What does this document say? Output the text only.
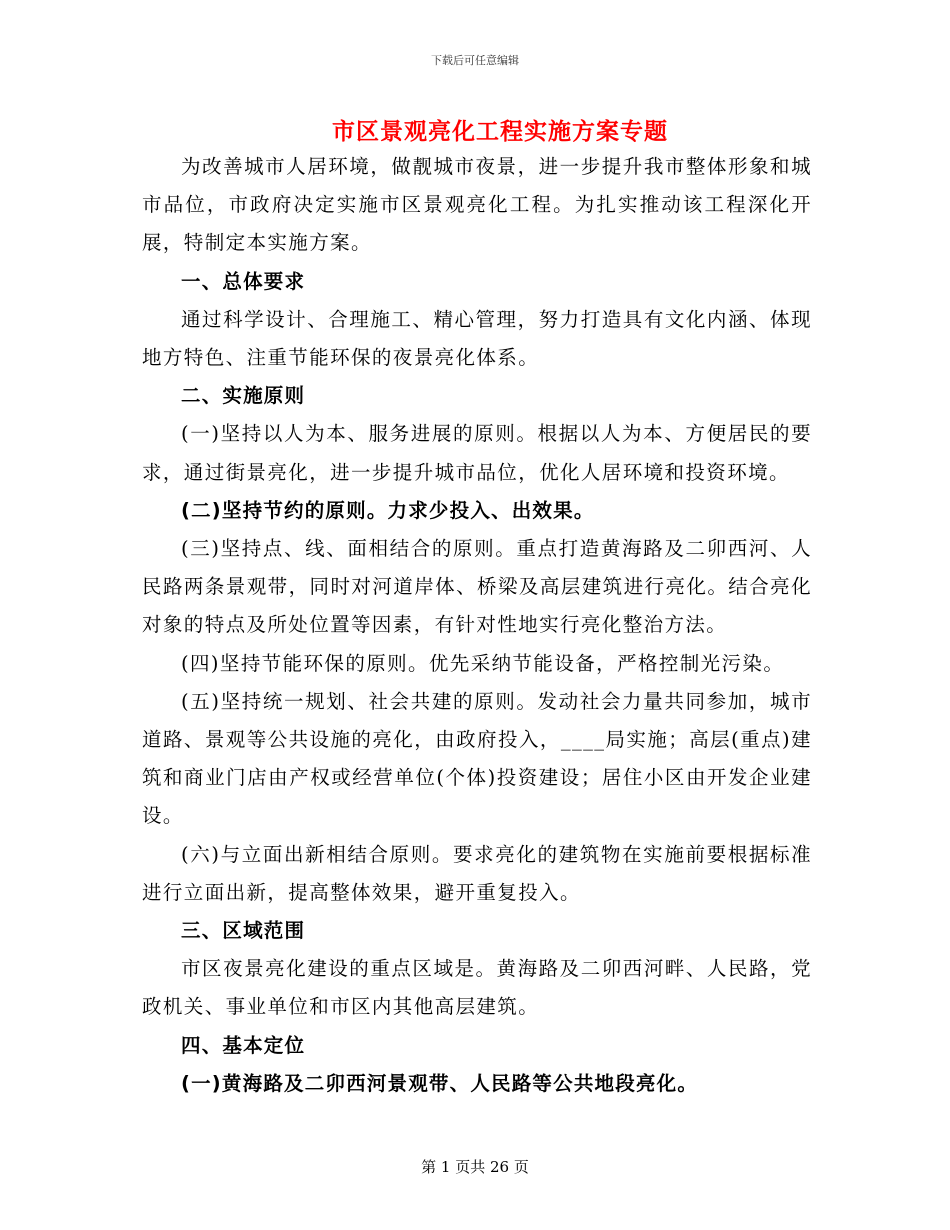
下载后可任意编辑
市区景观亮化工程实施方案专题

为改善城市人居环境，做靓城市夜景，进一步提升我市整体形象和城市品位，市政府决定实施市区景观亮化工程。为扎实推动该工程深化开展，特制定本实施方案。

一、总体要求

通过科学设计、合理施工、精心管理，努力打造具有文化内涵、体现地方特色、注重节能环保的夜景亮化体系。

二、实施原则

(一)坚持以人为本、服务进展的原则。根据以人为本、方便居民的要求，通过街景亮化，进一步提升城市品位，优化人居环境和投资环境。

(二)坚持节约的原则。力求少投入、出效果。

(三)坚持点、线、面相结合的原则。重点打造黄海路及二卯西河、人民路两条景观带，同时对河道岸体、桥梁及高层建筑进行亮化。结合亮化对象的特点及所处位置等因素，有针对性地实行亮化整治方法。

(四)坚持节能环保的原则。优先采纳节能设备，严格控制光污染。

(五)坚持统一规划、社会共建的原则。发动社会力量共同参加，城市道路、景观等公共设施的亮化，由政府投入，____局实施；高层(重点)建筑和商业门店由产权或经营单位(个体)投资建设；居住小区由开发企业建设。

(六)与立面出新相结合原则。要求亮化的建筑物在实施前要根据标准进行立面出新，提高整体效果，避开重复投入。

三、区域范围

市区夜景亮化建设的重点区域是。黄海路及二卯西河畔、人民路，党政机关、事业单位和市区内其他高层建筑。

四、基本定位

(一)黄海路及二卯西河景观带、人民路等公共地段亮化。

第 1 页共 26 页
